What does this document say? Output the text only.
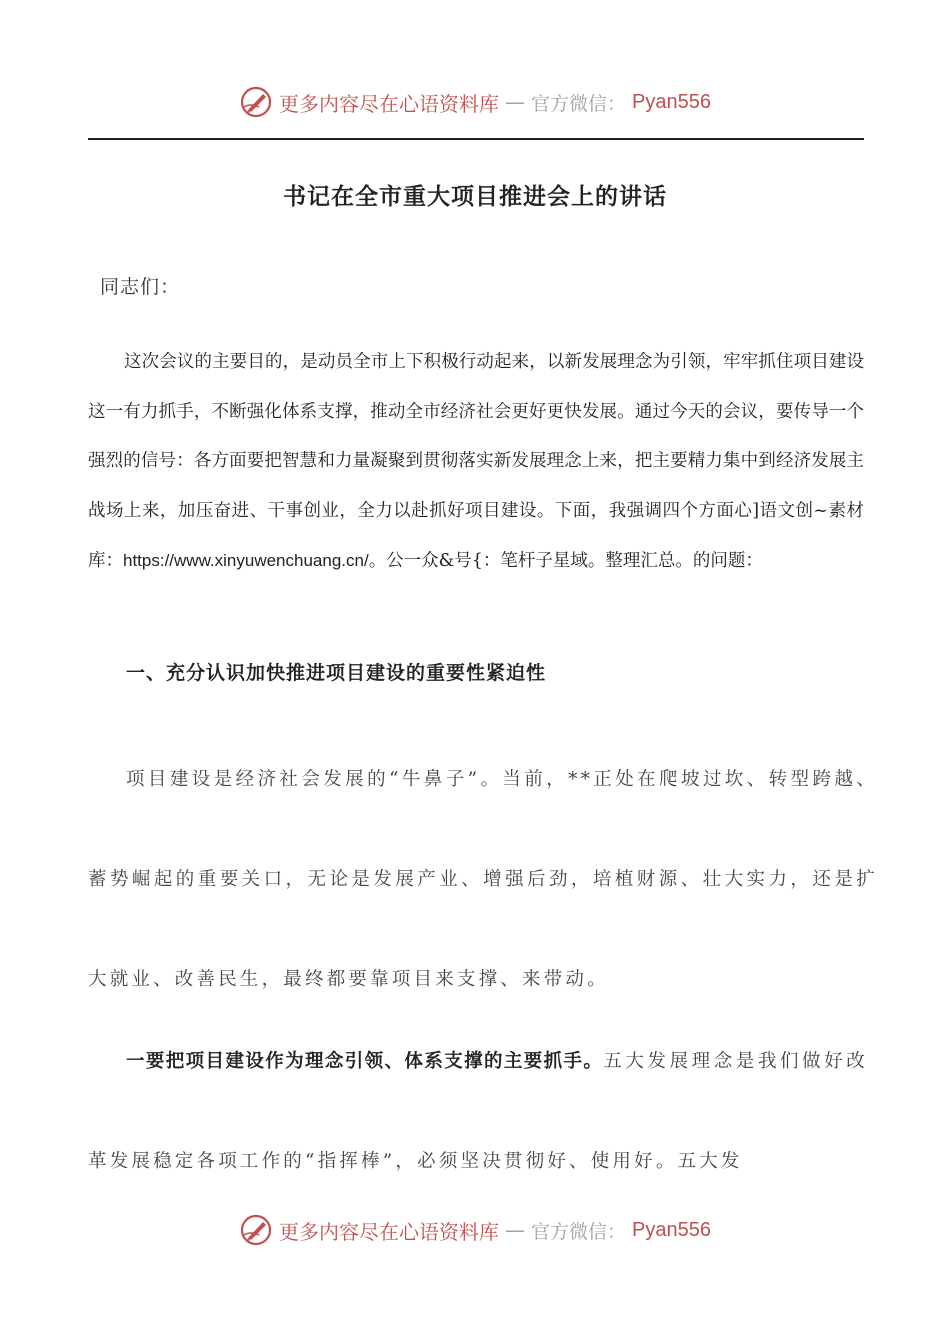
更多内容尽在心语资料库 — 官方微信： Pyan556
书记在全市重大项目推进会上的讲话
同志们：
这次会议的主要目的，是动员全市上下积极行动起来，以新发展理念为引领，牢牢抓住项目建设这一有力抓手，不断强化体系支撑，推动全市经济社会更好更快发展。通过今天的会议，要传导一个强烈的信号：各方面要把智慧和力量凝聚到贯彻落实新发展理念上来，把主要精力集中到经济发展主战场上来，加压奋进、干事创业，全力以赴抓好项目建设。下面，我强调四个方面心]语文创~素材库：https://www.xinyuwenchuang.cn/。公一众&号{：笔杆子星域。整理汇总。的问题：
一、充分认识加快推进项目建设的重要性紧迫性
项目建设是经济社会发展的“牛鼻子”。当前，**正处在爬坡过坎、转型跨越、蓄势崛起的重要关口，无论是发展产业、增强后劲，培植财源、壮大实力，还是扩大就业、改善民生，最终都要靠项目来支撑、来带动。
一要把项目建设作为理念引领、体系支撑的主要抓手。五大发展理念是我们做好改革发展稳定各项工作的“指挥棒”，必须坚决贯彻好、使用好。五大发
更多内容尽在心语资料库 — 官方微信： Pyan556
